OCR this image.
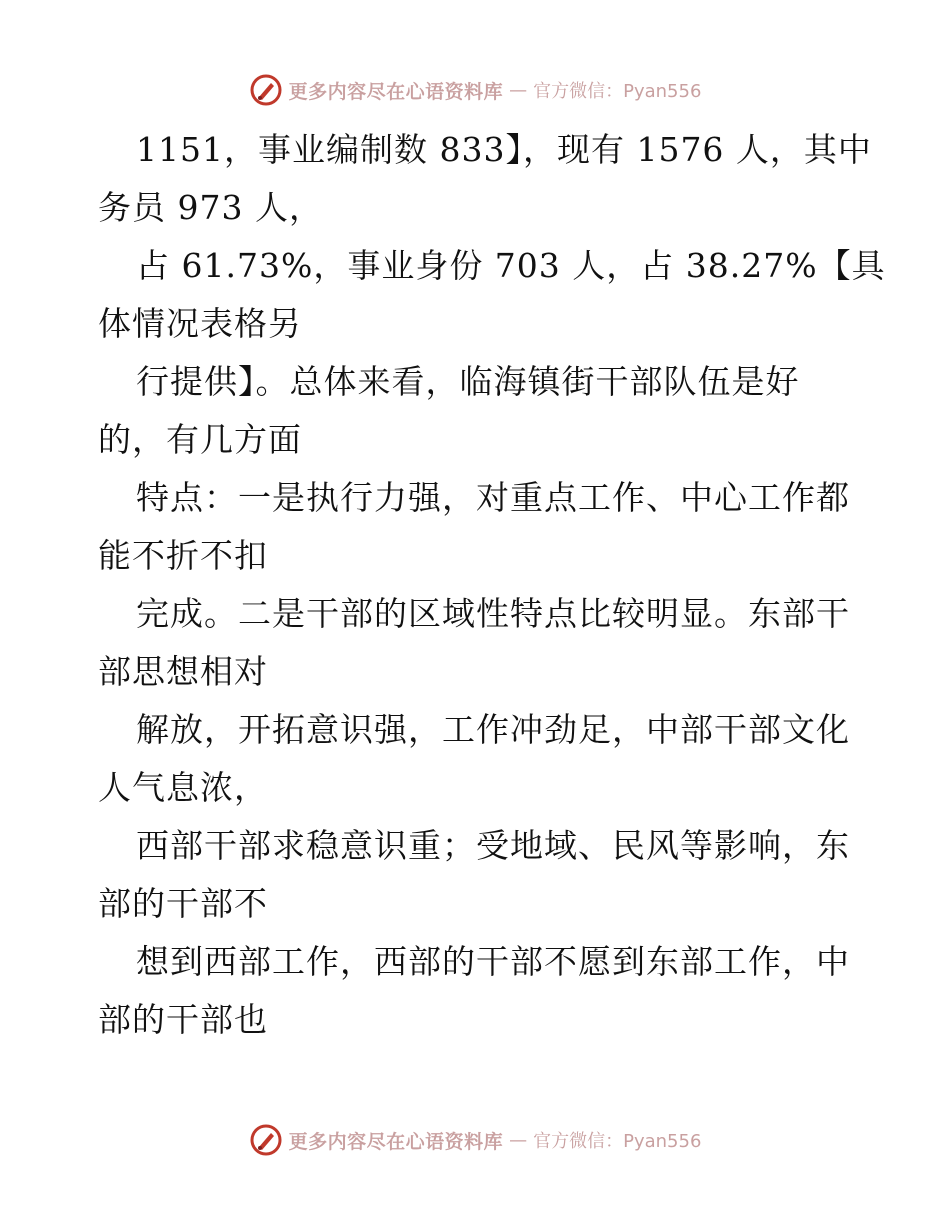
更多内容尽在心语资料库 — 官方微信：Pyan556
1151，事业编制数 833】，现有 1576 人，其中
务员 973 人，
占 61.73%，事业身份 703 人，占 38.27%【具
体情况表格另
行提供】。总体来看，临海镇街干部队伍是好
的，有几方面
特点：一是执行力强，对重点工作、中心工作都
能不折不扣
完成。二是干部的区域性特点比较明显。东部干
部思想相对
解放，开拓意识强，工作冲劲足，中部干部文化
人气息浓，
西部干部求稳意识重；受地域、民风等影响，东
部的干部不
想到西部工作，西部的干部不愿到东部工作，中
部的干部也
更多内容尽在心语资料库 — 官方微信：Pyan556
